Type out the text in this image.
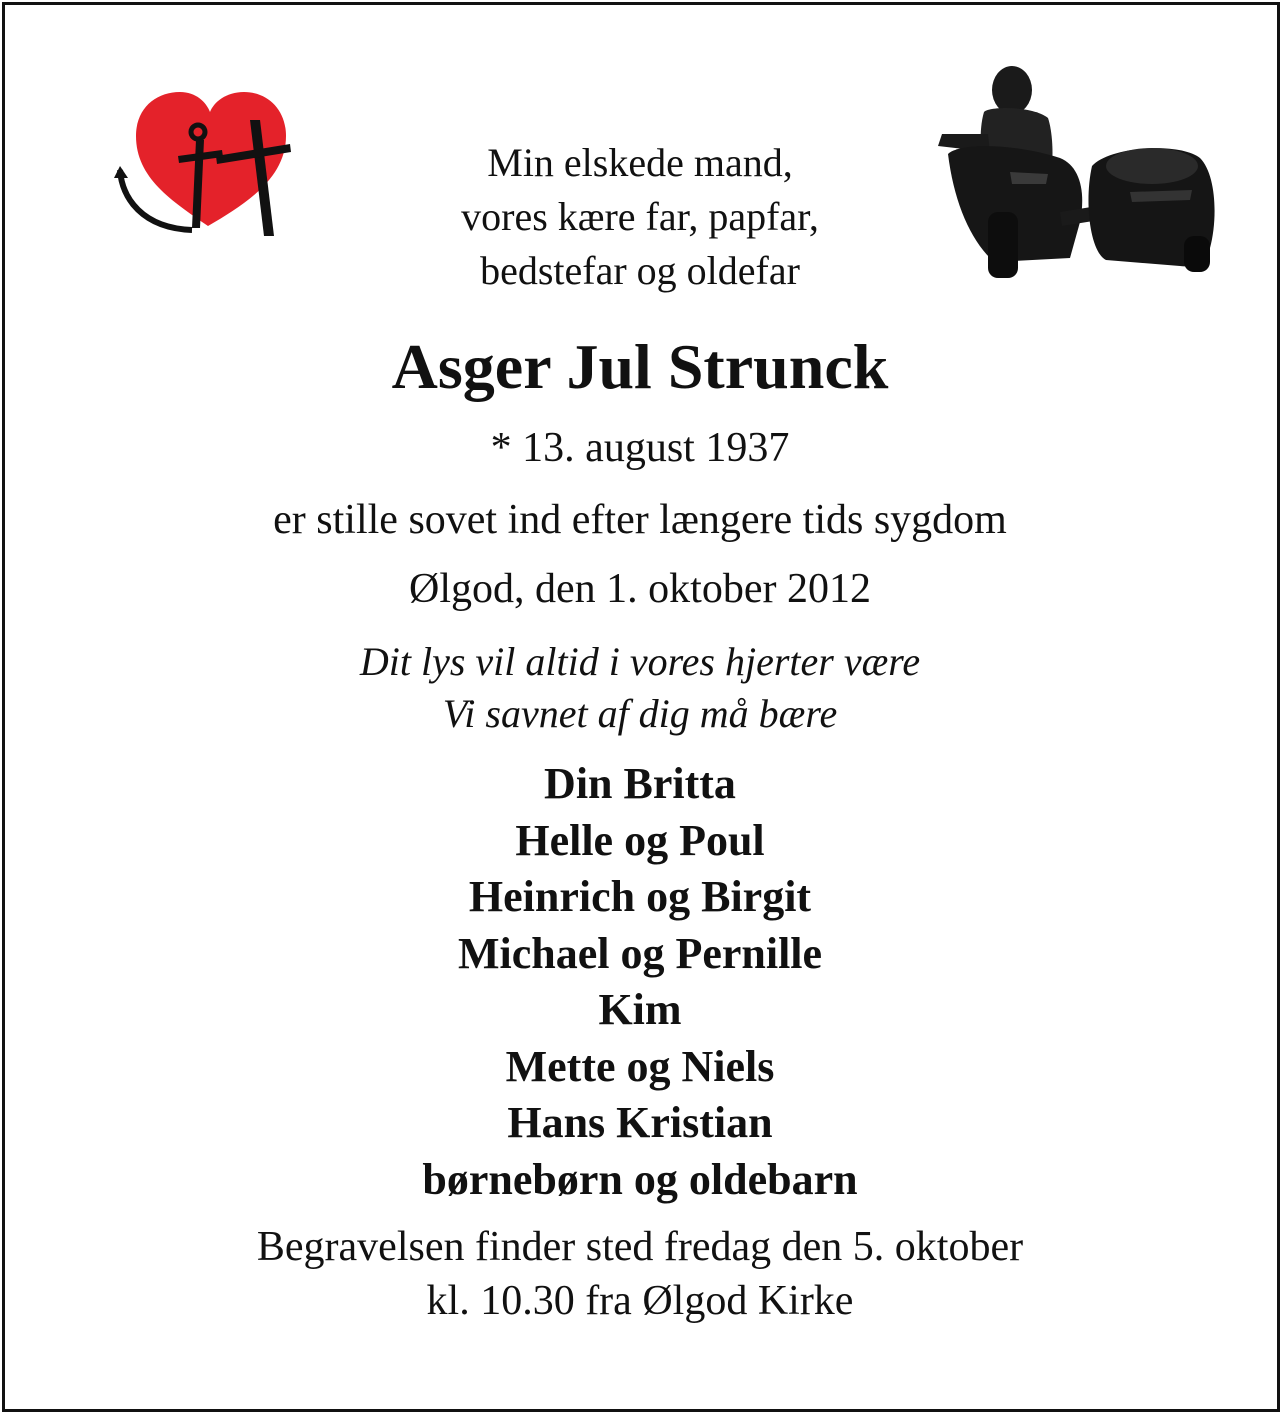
Min elskede mand,
vores kære far, papfar,
bedstefar og oldefar
Asger Jul Strunck
* 13. august 1937
er stille sovet ind efter længere tids sygdom
Ølgod, den 1. oktober 2012
Dit lys vil altid i vores hjerter være
Vi savnet af dig må bære
Din Britta
Helle og Poul
Heinrich og Birgit
Michael og Pernille
Kim
Mette og Niels
Hans Kristian
børnebørn og oldebarn
Begravelsen finder sted fredag den 5. oktober
kl. 10.30 fra Ølgod Kirke
